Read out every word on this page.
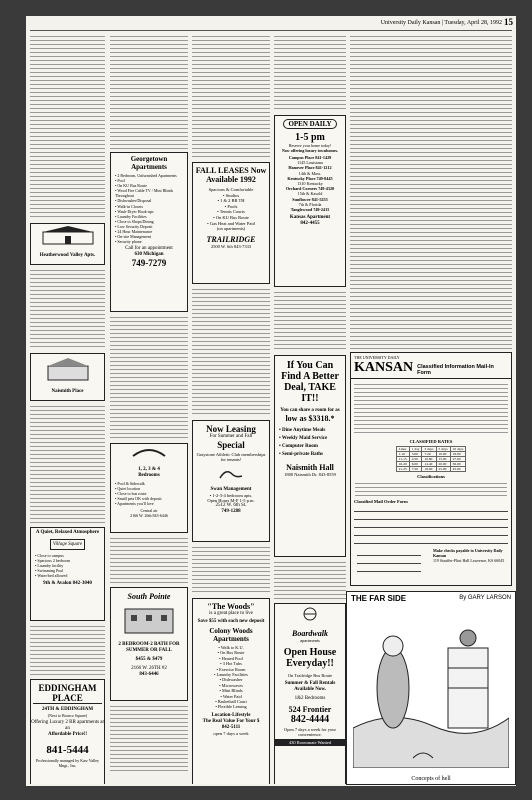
University Daily Kansan | Tuesday, April 28, 1992 15
Heatherwood Valley Apts.
Naismith Place
A Quiet, Relaxed Atmosphere
Village Square
• Close to campus
• Spacious 2 bedroom
• Laundry facility
• Swimming Pool
• Water/bed allowed
9th & Avalon 842-3040
EDDINGHAM PLACE
24TH & EDDINGHAM
(Next to Bronco Square)
Offering Luxury 2 BR apartments at an
Affordable Price!!
841-5444
Professionally managed by Kaw Valley Mngt., Inc.
Georgetown Apartments
• 2 Bedroom, Unfurnished Apartments
• Pool
• On KU Bus Route
• Wood Fire Cable TV / Mini Blinds Throughout
• Dishwasher/Disposal
• Walk-in Closets
• Wash-Dryer Hook-ups
• Laundry Facilities
• Close to Shops/Dining
• Low Security Deposit
• 24 Hour Maintenance
• On-site Management
• Security phone
Call for an appointment
630 Michigan
749-7279
1, 2, 3 & 4
Bedrooms
• Pool & Sidewalk
• Quiet location
• Close to bus route
• Small pets OK with deposit
• Apartments you'll love
Central air
2166 W. 26th 843-6446
South Pointe
2 BEDROOM-2 BATH FOR SUMMER OR FALL
$455 & $479
2166 W. 26TH #2
843-6446
FALL LEASES Now Available 1992
Spacious & Comfortable
• Studios
• 1 & 2 BR TH
• Pools
• Tennis Courts
• On KU Bus Route
• Gas Heat and Water Paid
(on apartments)
TRAILRIDGE
2500 W. 6th 843-7333
Now Leasing
For Summer and Fall
Special
Graystone Athletic Club memberships for tenants!
Swan Management
• 1-2-3-4 bedroom apts.
Open Hours M-F 1-5 p.m.
2512 W. 6th St.
749-1288
"The Woods"
is a great place to live
Save $55 with each new deposit
Colony Woods Apartments
• Walk to K.U.
• On Bus Route
• Heated Pool
• 3 Hot Tubs
• Exercise Room
• Laundry Facilities
• Dishwasher
• Microwaves
• Mini Blinds
• Water Paid
• Basketball Court
• Flexible Leasing
Location-Lifestyle
The Real Value For Your $
842-5111
open 7 days a week
OPEN DAILY
1-5 pm
Reserve your home today!
Now offering luxury townhomes.
Campus Place 841-1429
1145 Louisiana
Hanover Place 841-1212
14th & Mass.
Kentucky Place 749-0445
1310 Kentucky
Orchard Corners 749-4320
15th & Kasold
Sunflower 841-5255
7th & Florida
Tanglewood 749-2415
Kansas Apartment
842-4455
If You Can Find A Better Deal, TAKE IT!!
You can share a room for as
low as $3318.*
• Dine Anytime Meals
• Weekly Maid Service
• Computer Room
• Semi-private Baths
Naismith Hall
1800 Naismith Dr. 843-8559
Boardwalk
apartments
Open House Everyday!!
On Trailridge Bus Route
Summer & Fall Rentals Available Now.
1&2 Bedrooms
524 Frontier
842-4444
Open 7 days a week for your convenience.
430 Roommate Wanted
THE UNIVERSITY DAILY
KANSAN Classified Information Mail-In Form
CLASSIFIED RATES
Lines	1 day	3 days	5 days	10 days
1-10	3.00	7.20	10.00	18.00
11-15	4.50	10.80	15.00	27.00
16-20	6.00	14.40	20.00	36.00
21-25	7.50	18.00	25.00	45.00
Classifications
Classified Mail Order Form
Make checks payable to University Daily Kansan
119 Stauffer-Flint Hall Lawrence, KS 66045
THE FAR SIDE	By GARY LARSON
Concepts of hell
